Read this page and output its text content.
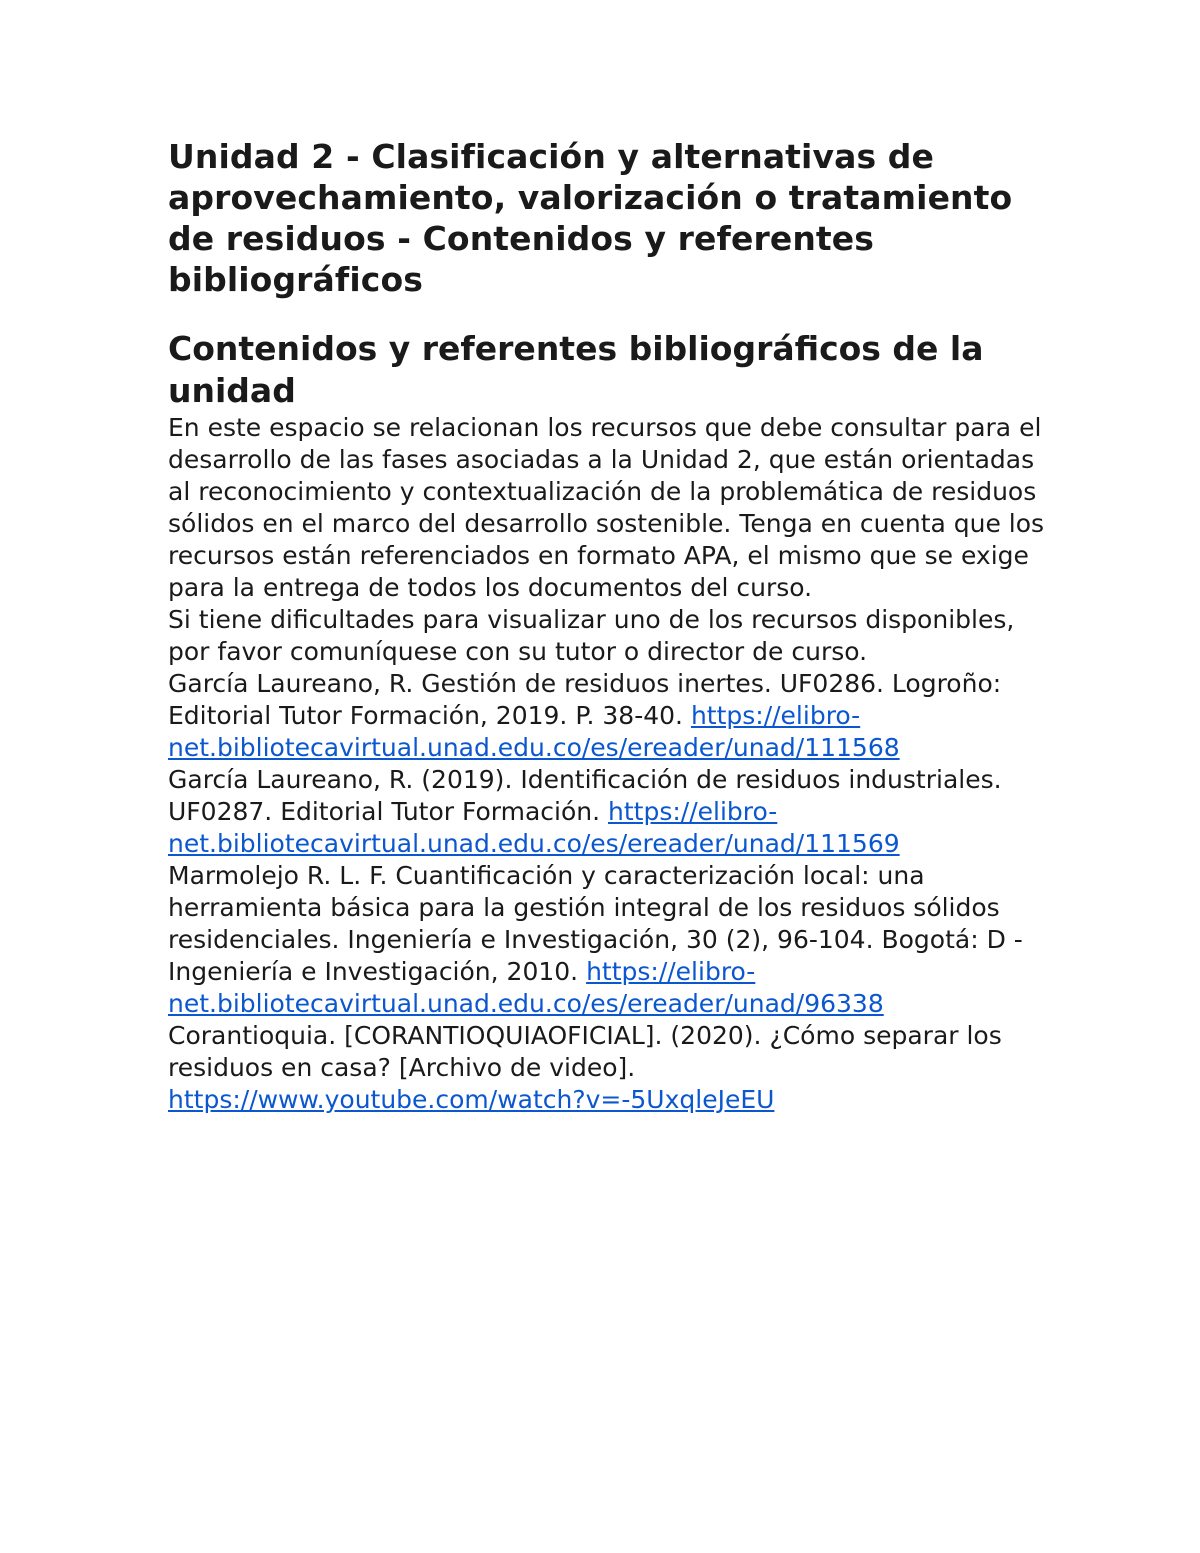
Unidad 2 - Clasificación y alternativas de aprovechamiento, valorización o tratamiento de residuos - Contenidos y referentes bibliográficos
Contenidos y referentes bibliográficos de la unidad

En este espacio se relacionan los recursos que debe consultar para el desarrollo de las fases asociadas a la Unidad 2, que están orientadas al reconocimiento y contextualización de la problemática de residuos sólidos en el marco del desarrollo sostenible. Tenga en cuenta que los recursos están referenciados en formato APA, el mismo que se exige para la entrega de todos los documentos del curso.

Si tiene dificultades para visualizar uno de los recursos disponibles, por favor comuníquese con su tutor o director de curso.

García Laureano, R. Gestión de residuos inertes. UF0286. Logroño: Editorial Tutor Formación, 2019. P. 38-40. https://elibro-net.bibliotecavirtual.unad.edu.co/es/ereader/unad/111568

García Laureano, R. (2019). Identificación de residuos industriales. UF0287. Editorial Tutor Formación. https://elibro-net.bibliotecavirtual.unad.edu.co/es/ereader/unad/111569

Marmolejo R. L. F. Cuantificación y caracterización local: una herramienta básica para la gestión integral de los residuos sólidos residenciales. Ingeniería e Investigación, 30 (2), 96-104. Bogotá: D - Ingeniería e Investigación, 2010. https://elibro-net.bibliotecavirtual.unad.edu.co/es/ereader/unad/96338

Corantioquia. [CORANTIOQUIAOFICIAL]. (2020). ¿Cómo separar los residuos en casa? [Archivo de video]. https://www.youtube.com/watch?v=-5UxqleJeEU
